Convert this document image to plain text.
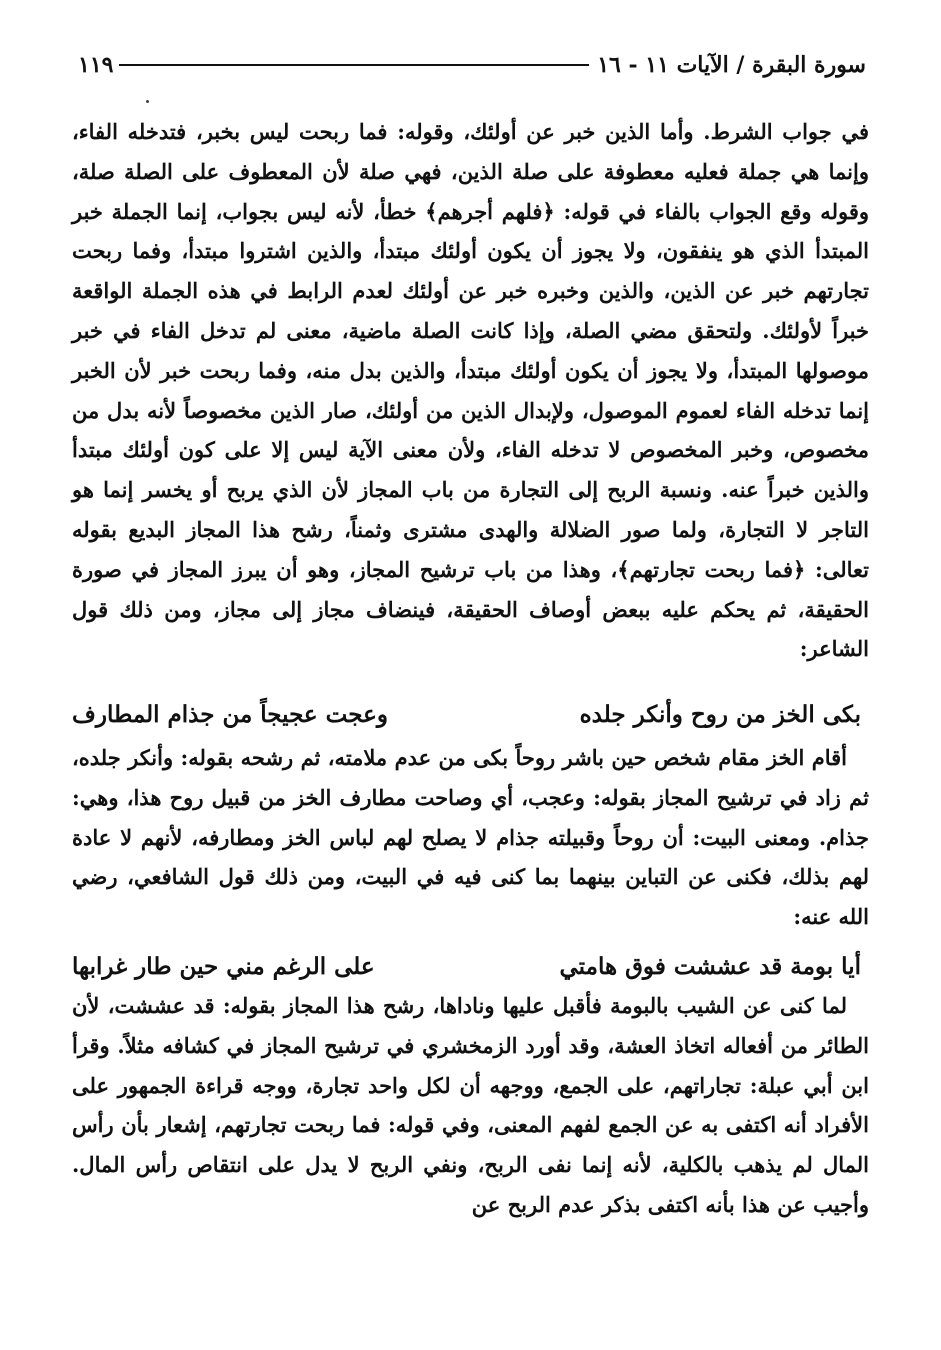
سورة البقرة / الآيات ١١ - ١٦
١١٩

في جواب الشرط. وأما الذين خبر عن أولئك، وقوله: فما ربحت ليس بخبر، فتدخله الفاء، وإنما هي جملة فعليه معطوفة على صلة الذين، فهي صلة لأن المعطوف على الصلة صلة، وقوله وقع الجواب بالفاء في قوله: ﴿فلهم أجرهم﴾ خطأ، لأنه ليس بجواب، إنما الجملة خبر المبتدأ الذي هو ينفقون، ولا يجوز أن يكون أولئك مبتدأ، والذين اشتروا مبتدأ، وفما ربحت تجارتهم خبر عن الذين، والذين وخبره خبر عن أولئك لعدم الرابط في هذه الجملة الواقعة خبراً لأولئك. ولتحقق مضي الصلة، وإذا كانت الصلة ماضية، معنى لم تدخل الفاء في خبر موصولها المبتدأ، ولا يجوز أن يكون أولئك مبتدأ، والذين بدل منه، وفما ربحت خبر لأن الخبر إنما تدخله الفاء لعموم الموصول، ولإبدال الذين من أولئك، صار الذين مخصوصاً لأنه بدل من مخصوص، وخبر المخصوص لا تدخله الفاء، ولأن معنى الآية ليس إلا على كون أولئك مبتدأ والذين خبراً عنه. ونسبة الربح إلى التجارة من باب المجاز لأن الذي يربح أو يخسر إنما هو التاجر لا التجارة، ولما صور الضلالة والهدى مشترى وثمناً، رشح هذا المجاز البديع بقوله تعالى: ﴿فما ربحت تجارتهم﴾، وهذا من باب ترشيح المجاز، وهو أن يبرز المجاز في صورة الحقيقة، ثم يحكم عليه ببعض أوصاف الحقيقة، فينضاف مجاز إلى مجاز، ومن ذلك قول الشاعر:

بكى الخز من روح وأنكر جلده
وعجت عجيجاً من جذام المطارف

أقام الخز مقام شخص حين باشر روحاً بكى من عدم ملامته، ثم رشحه بقوله: وأنكر جلده، ثم زاد في ترشيح المجاز بقوله: وعجب، أي وصاحت مطارف الخز من قبيل روح هذا، وهي: جذام. ومعنى البيت: أن روحاً وقبيلته جذام لا يصلح لهم لباس الخز ومطارفه، لأنهم لا عادة لهم بذلك، فكنى عن التباين بينهما بما كنى فيه في البيت، ومن ذلك قول الشافعي، رضي الله عنه:

أيا بومة قد عششت فوق هامتي
على الرغم مني حين طار غرابها

لما كنى عن الشيب بالبومة فأقبل عليها وناداها، رشح هذا المجاز بقوله: قد عششت، لأن الطائر من أفعاله اتخاذ العشة، وقد أورد الزمخشري في ترشيح المجاز في كشافه مثلاً. وقرأ ابن أبي عبلة: تجاراتهم، على الجمع، ووجهه أن لكل واحد تجارة، ووجه قراءة الجمهور على الأفراد أنه اكتفى به عن الجمع لفهم المعنى، وفي قوله: فما ربحت تجارتهم، إشعار بأن رأس المال لم يذهب بالكلية، لأنه إنما نفى الربح، ونفي الربح لا يدل على انتقاص رأس المال. وأجيب عن هذا بأنه اكتفى بذكر عدم الربح عن
